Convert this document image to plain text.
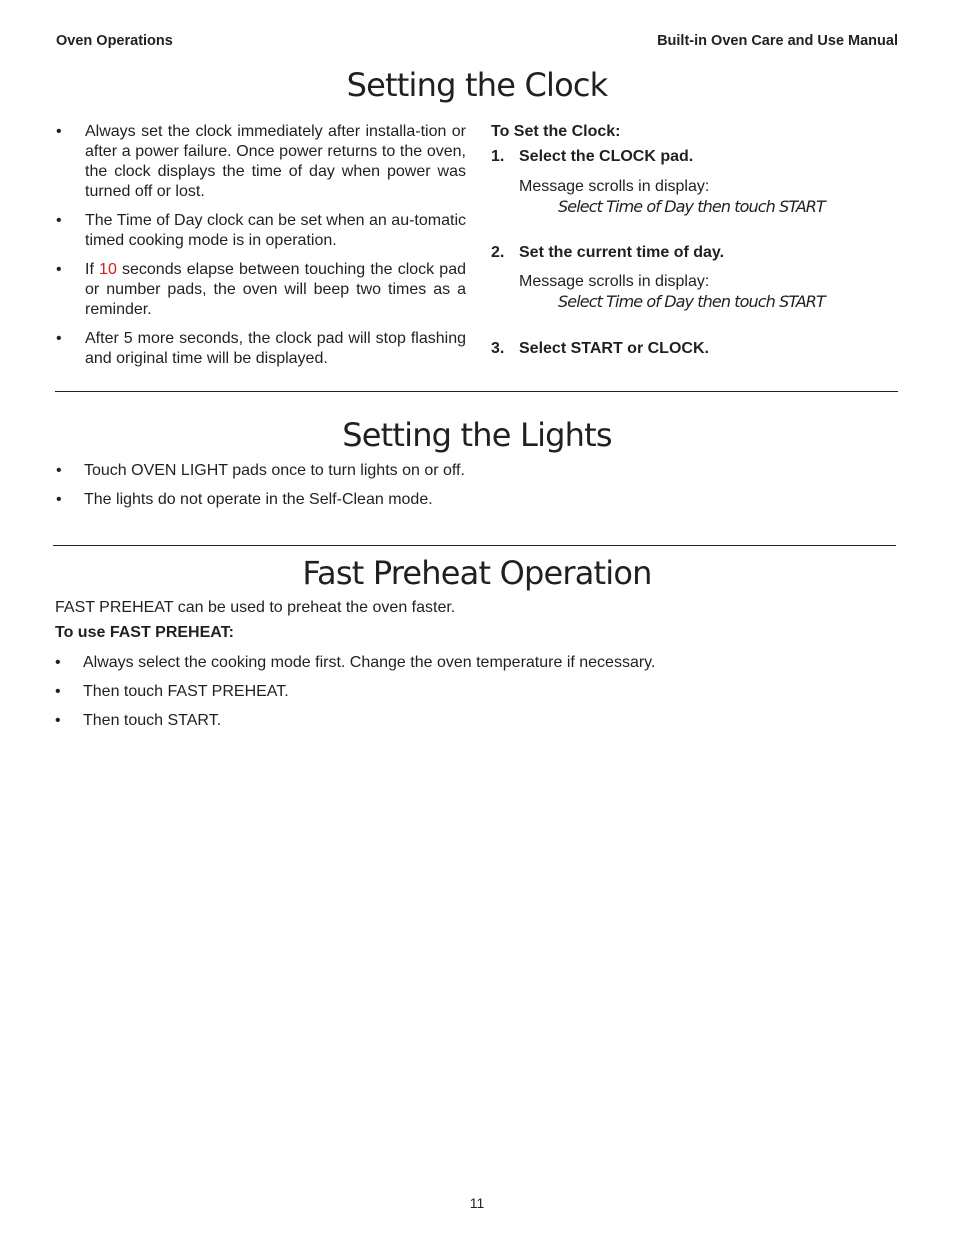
Oven Operations	Built-in Oven Care and Use Manual
Setting the Clock
• Always set the clock immediately after installa-tion or after a power failure. Once power returns to the oven, the clock displays the time of day when power was turned off or lost.
• The Time of Day clock can be set when an au-tomatic timed cooking mode is in operation.
• If 10 seconds elapse between touching the clock pad or number pads, the oven will beep two times as a reminder.
• After 5 more seconds, the clock pad will stop flashing and original time will be displayed.
To Set the Clock:
1. Select the CLOCK pad.
Message scrolls in display:
Select Time of Day then touch START
2. Set the current time of day.
Message scrolls in display:
Select Time of Day then touch START
3. Select START or CLOCK.
Setting the Lights
• Touch OVEN LIGHT pads once to turn lights on or off.
• The lights do not operate in the Self-Clean mode.
Fast Preheat Operation
FAST PREHEAT can be used to preheat the oven faster.
To use FAST PREHEAT:
• Always select the cooking mode first. Change the oven temperature if necessary.
• Then touch FAST PREHEAT.
• Then touch START.
11
